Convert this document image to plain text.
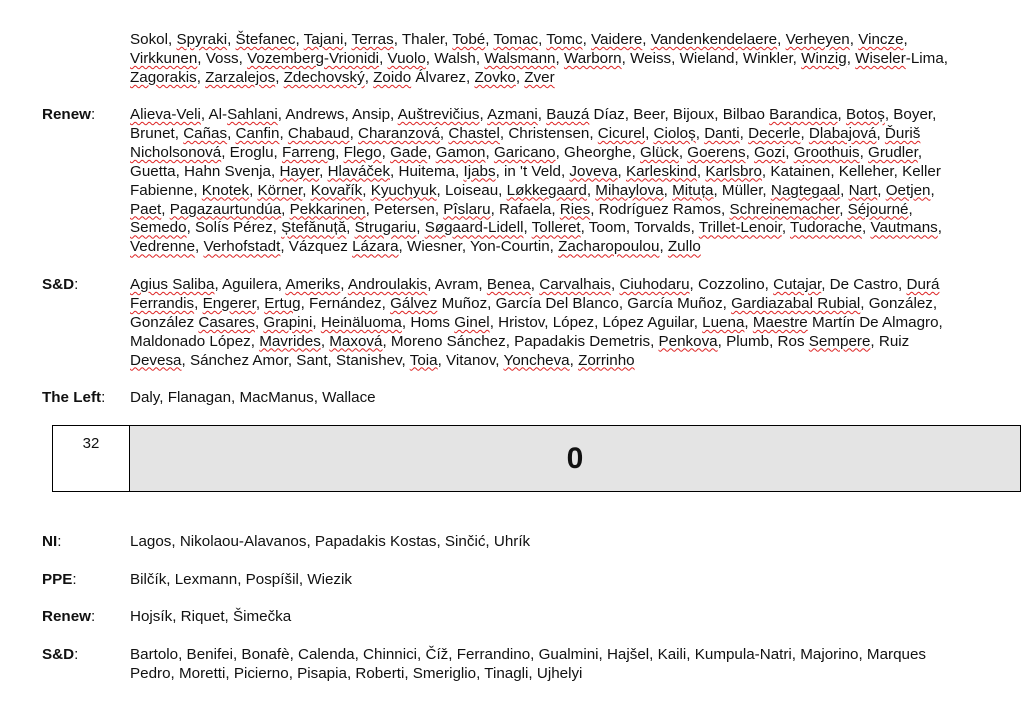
Sokol, Spyraki, Štefanec, Tajani, Terras, Thaler, Tobé, Tomac, Tomc, Vaidere, Vandenkendelaere, Verheyen, Vincze,
Virkkunen, Voss, Vozemberg-Vrionidi, Vuolo, Walsh, Walsmann, Warborn, Weiss, Wieland, Winkler, Winzig, Wiseler-Lima,
Zagorakis, Zarzalejos, Zdechovský, Zoido Álvarez, Zovko, Zver
Renew: Alieva-Veli, Al-Sahlani, Andrews, Ansip, Auštrevičius, Azmani, Bauzá Díaz, Beer, Bijoux, Bilbao Barandica, Botoș, Boyer,
Brunet, Cañas, Canfin, Chabaud, Charanzová, Chastel, Christensen, Cicurel, Cioloș, Danti, Decerle, Dlabajová, Ďuriš
Nicholsonová, Eroglu, Farreng, Flego, Gade, Gamon, Garicano, Gheorghe, Glück, Goerens, Gozi, Groothuis, Grudler,
Guetta, Hahn Svenja, Hayer, Hlaváček, Huitema, Ijabs, in 't Veld, Joveva, Karleskind, Karlsbro, Katainen, Kelleher, Keller
Fabienne, Knotek, Körner, Kovařík, Kyuchyuk, Loiseau, Løkkegaard, Mihaylova, Mituța, Müller, Nagtegaal, Nart, Oetjen,
Paet, Pagazaurtundúa, Pekkarinen, Petersen, Pîslaru, Rafaela, Ries, Rodríguez Ramos, Schreinemacher, Séjourné,
Semedo, Solís Pérez, Ștefănuță, Strugariu, Søgaard-Lidell, Tolleret, Toom, Torvalds, Trillet-Lenoir, Tudorache, Vautmans,
Vedrenne, Verhofstadt, Vázquez Lázara, Wiesner, Yon-Courtin, Zacharopoulou, Zullo
S&D:	Agius Saliba, Aguilera, Ameriks, Androulakis, Avram, Benea, Carvalhais, Ciuhodaru, Cozzolino, Cutajar, De Castro, Durá
Ferrandis, Engerer, Ertug, Fernández, Gálvez Muñoz, García Del Blanco, García Muñoz, Gardiazabal Rubial, González,
González Casares, Grapini, Heinäluoma, Homs Ginel, Hristov, López, López Aguilar, Luena, Maestre Martín De Almagro,
Maldonado López, Mavrides, Maxová, Moreno Sánchez, Papadakis Demetris, Penkova, Plumb, Ros Sempere, Ruiz
Devesa, Sánchez Amor, Sant, Stanishev, Toia, Vitanov, Yoncheva, Zorrinho
The Left: Daly, Flanagan, MacManus, Wallace
32	0
NI:	Lagos, Nikolaou-Alavanos, Papadakis Kostas, Sinčić, Uhrík
PPE:	Bilčík, Lexmann, Pospíšil, Wiezik
Renew: Hojsík, Riquet, Šimečka
S&D:	Bartolo, Benifei, Bonafè, Calenda, Chinnici, Číž, Ferrandino, Gualmini, Hajšel, Kaili, Kumpula-Natri, Majorino, Marques
Pedro, Moretti, Picierno, Pisapia, Roberti, Smeriglio, Tinagli, Ujhelyi
